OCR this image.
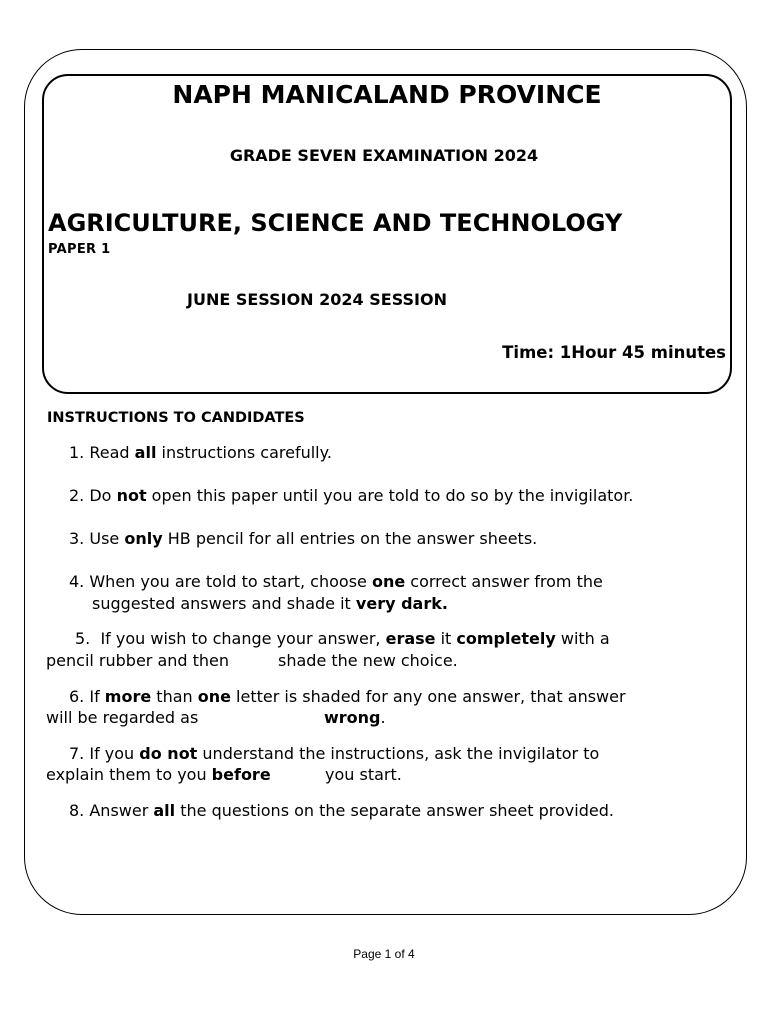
NAPH MANICALAND PROVINCE
GRADE SEVEN EXAMINATION 2024
AGRICULTURE, SCIENCE AND TECHNOLOGY
PAPER 1
JUNE SESSION 2024 SESSION
Time: 1Hour 45 minutes
INSTRUCTIONS TO CANDIDATES
1. Read all instructions carefully.
2. Do not open this paper until you are told to do so by the invigilator.
3. Use only HB pencil for all entries on the answer sheets.
4. When you are told to start, choose one correct answer from the
suggested answers and shade it very dark.
5. If you wish to change your answer, erase it completely with a
pencil rubber and then	shade the new choice.
6. If more than one letter is shaded for any one answer, that answer
will be regarded as	wrong.
7. If you do not understand the instructions, ask the invigilator to
explain them to you before	you start.
8. Answer all the questions on the separate answer sheet provided.
Page 1 of 4
